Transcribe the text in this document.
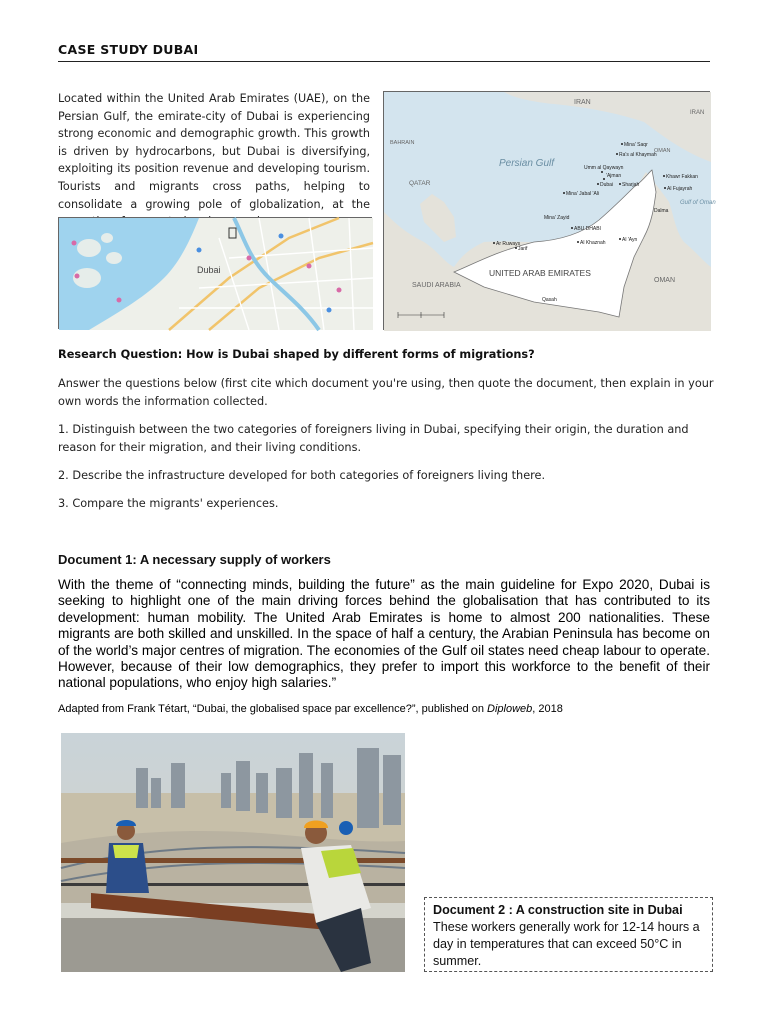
CASE STUDY DUBAI
Located within the United Arab Emirates (UAE), on the Persian Gulf, the emirate-city of Dubai is experiencing strong economic and demographic growth. This growth is driven by hydrocarbons, but Dubai is diversifying, exploiting its position revenue and developing tourism. Tourists and migrants cross paths, helping to consolidate a growing pole of globalization, at the
Dubai
IRAN
IRAN
QATAR
BAHRAIN
SAUDI ARABIA
OMAN
OMAN
Persian Gulf
Gulf of Oman
UNITED ARAB EMIRATES
Mina' Saqr
Ra's al Khaymah
Umm al Qaywayn
'Ajman
Dubai Sharjah
Khawr Fakkan
Al Fujayrah
Mina' Jabal 'Ali
Mina' Zayid
ABU DHABI
Al Khaznah	Al 'Ayn
Ar Ruways
Jarif
Dalma
Qasah
Research Question: How is Dubai shaped by different forms of migrations?
Answer the questions below (first cite which document you're using, then quote the document, then explain in your own words the information collected.
1. Distinguish between the two categories of foreigners living in Dubai, specifying their origin, the duration and reason for their migration, and their living conditions.
2. Describe the infrastructure developed for both categories of foreigners living there.
3. Compare the migrants' experiences.
Document 1: A necessary supply of workers
With the theme of “connecting minds, building the future” as the main guideline for Expo 2020, Dubai is seeking to highlight one of the main driving forces behind the globalisation that has contributed to its development: human mobility. The United Arab Emirates is home to almost 200 nationalities. These migrants are both skilled and unskilled. In the space of half a century, the Arabian Peninsula has become on of the world’s major centres of migration. The economies of the Gulf oil states need cheap labour to operate. However, because of their low demographics, they prefer to import this workforce to the benefit of their national populations, who enjoy high salaries.”
Adapted from Frank Tétart, “Dubai, the globalised space par excellence?”, published on Diploweb, 2018
Document 2 : A construction site in Dubai
These workers generally work for 12-14 hours a day in temperatures that can exceed 50°C in summer.
